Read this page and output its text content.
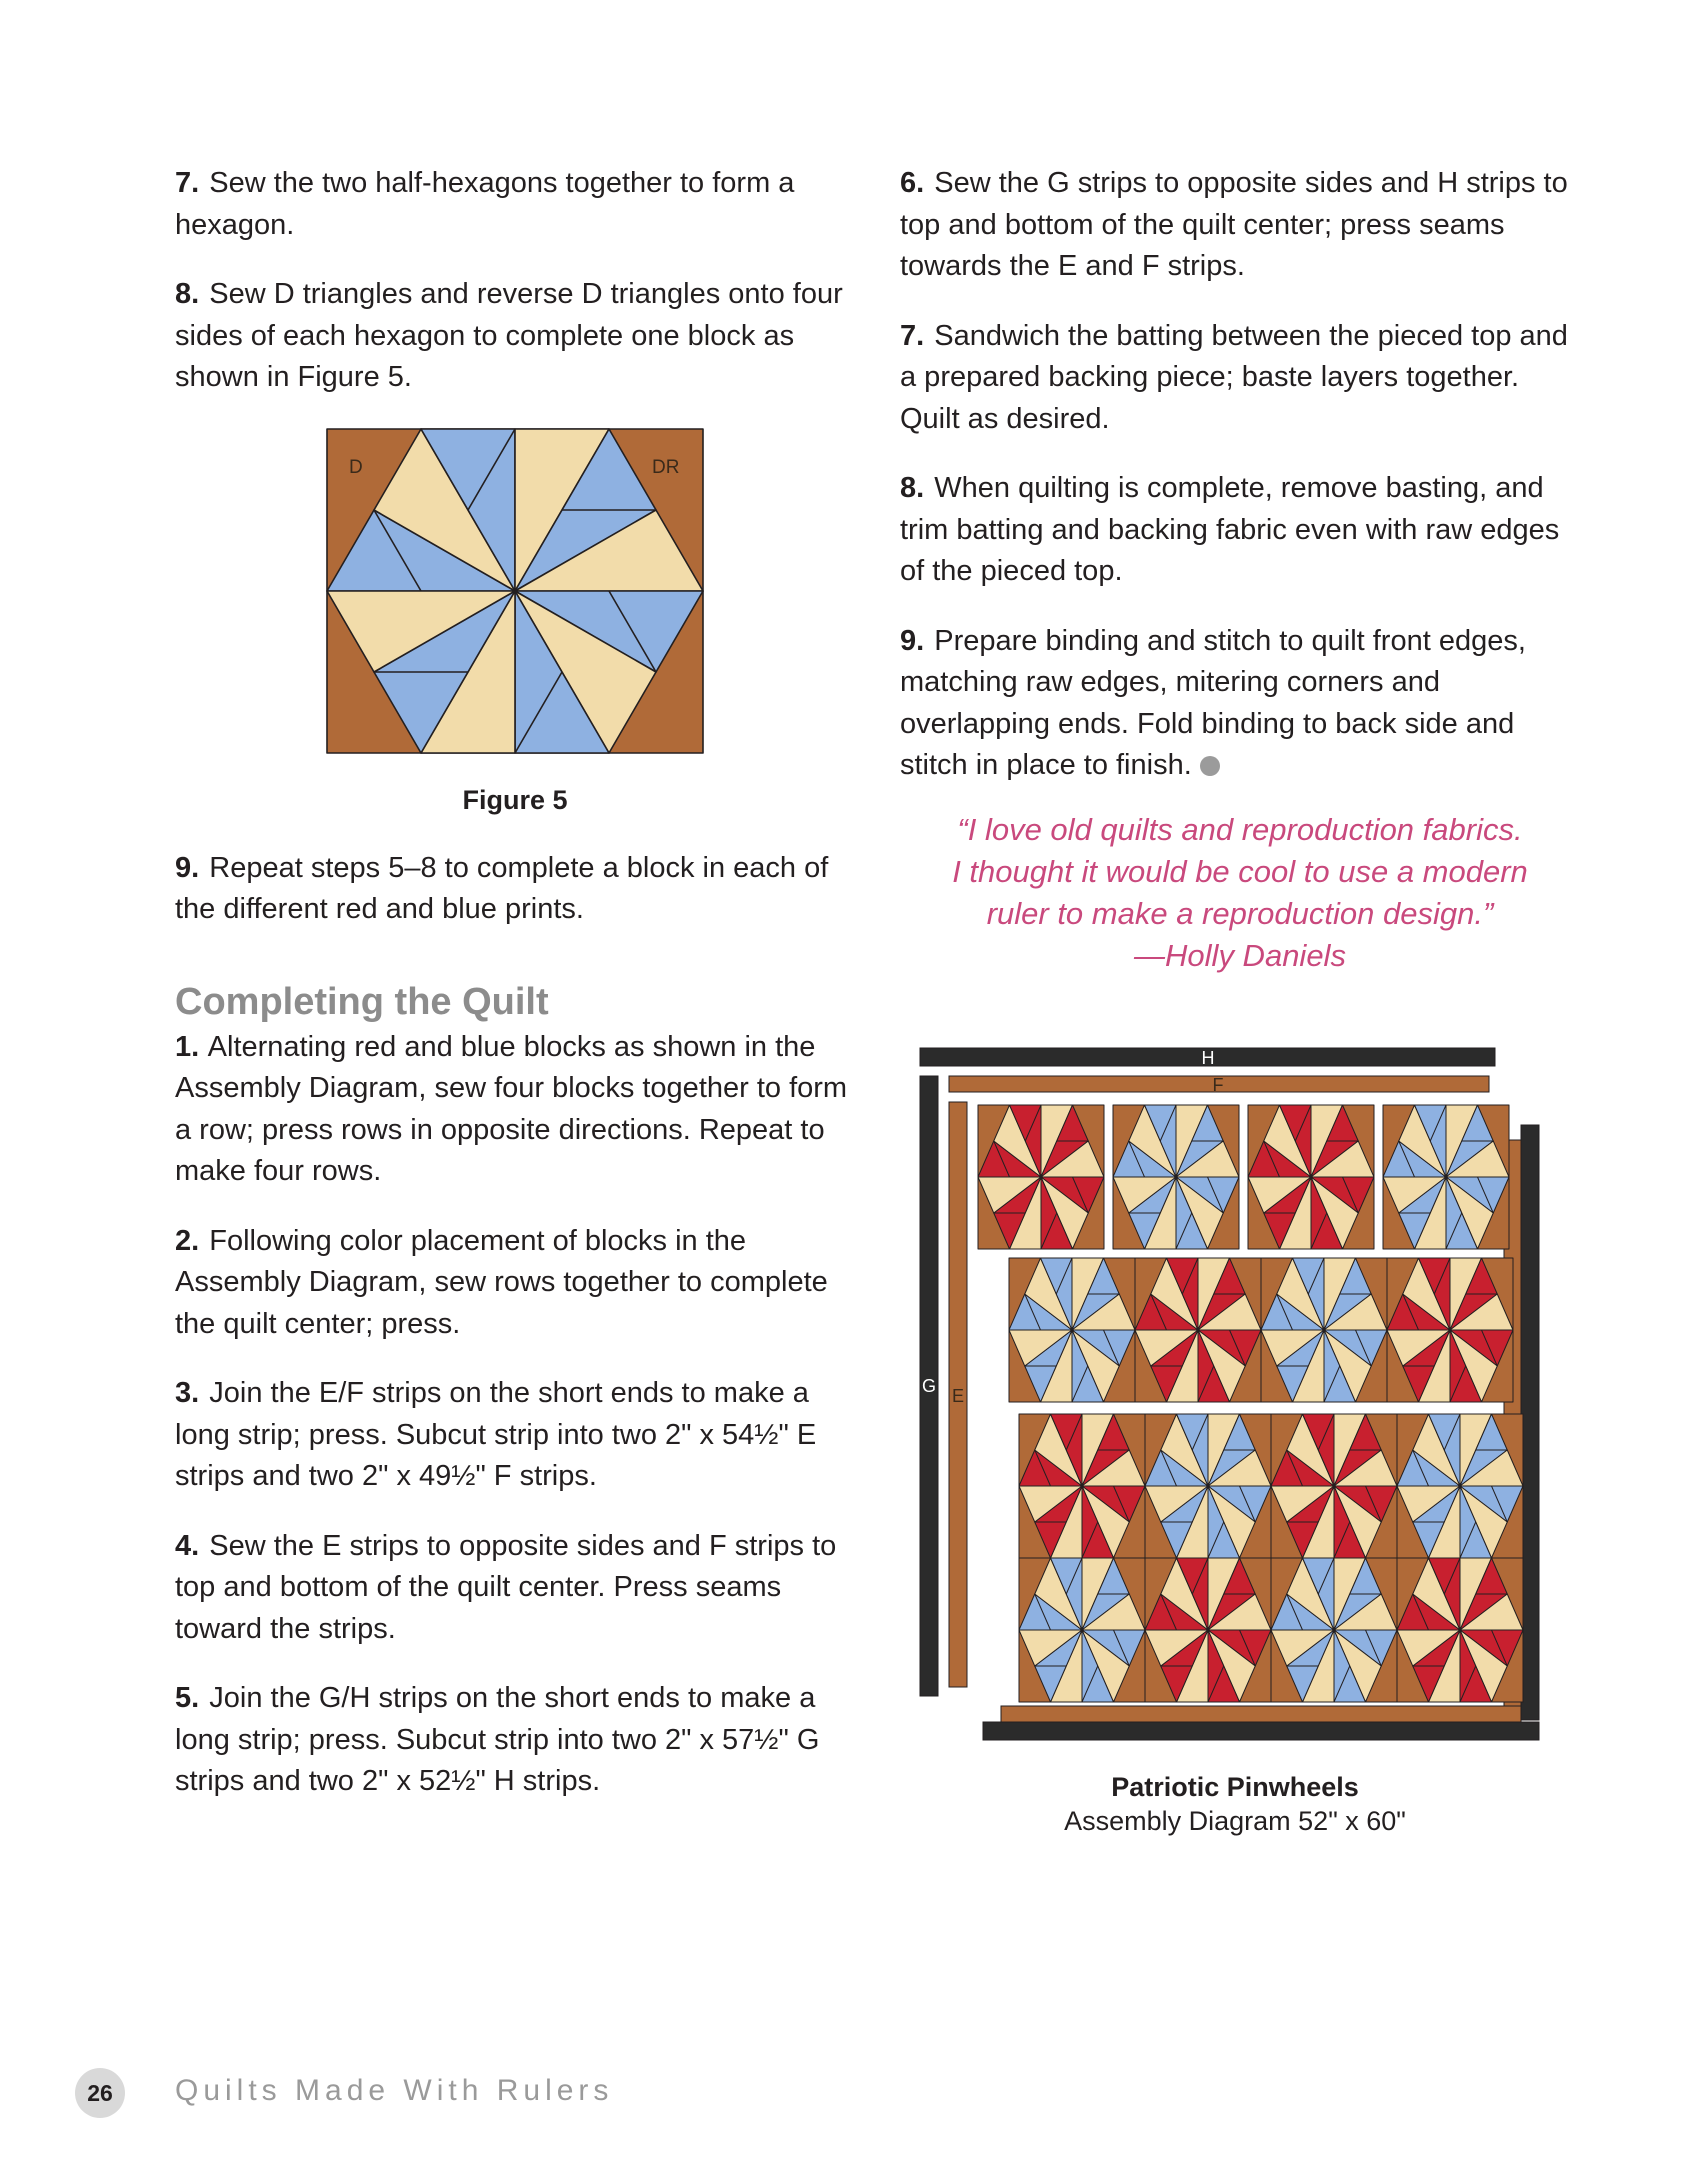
7. Sew the two half-hexagons together to form a hexagon.

8. Sew D triangles and reverse D triangles onto four sides of each hexagon to complete one block as shown in Figure 5.

D	DR
Figure 5

9. Repeat steps 5–8 to complete a block in each of the different red and blue prints.

Completing the Quilt

1. Alternating red and blue blocks as shown in the Assembly Diagram, sew four blocks together to form a row; press rows in opposite directions. Repeat to make four rows.

2. Following color placement of blocks in the Assembly Diagram, sew rows together to complete the quilt center; press.

3. Join the E/F strips on the short ends to make a long strip; press. Subcut strip into two 2" x 54½" E strips and two 2" x 49½" F strips.

4. Sew the E strips to opposite sides and F strips to top and bottom of the quilt center. Press seams toward the strips.

5. Join the G/H strips on the short ends to make a long strip; press. Subcut strip into two 2" x 57½" G strips and two 2" x 52½" H strips.

6. Sew the G strips to opposite sides and H strips to top and bottom of the quilt center; press seams towards the E and F strips.

7. Sandwich the batting between the pieced top and a prepared backing piece; baste layers together. Quilt as desired.

8. When quilting is complete, remove basting, and trim batting and backing fabric even with raw edges of the pieced top.

9. Prepare binding and stitch to quilt front edges, matching raw edges, mitering corners and overlapping ends. Fold binding to back side and stitch in place to finish.

“I love old quilts and reproduction fabrics.
I thought it would be cool to use a modern
ruler to make a reproduction design.”
—Holly Daniels
H
F
G E
Patriotic Pinwheels
Assembly Diagram 52" x 60"
26	Quilts Made With Rulers
